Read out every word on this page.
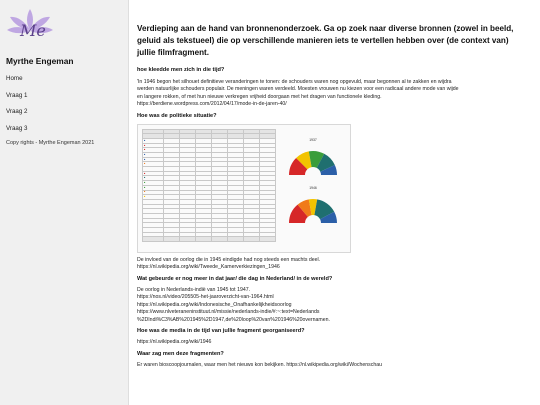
Me
Myrthe Engeman
Home
Vraag 1
Vraag 2
Vraag 3
Copy rights - Myrthe Engeman 2021

Verdieping aan de hand van bronnenonderzoek. Ga op zoek naar diverse bronnen (zowel in beeld, geluid als tekstueel) die op verschillende manieren iets te vertellen hebben over (de context van) jullie filmfragment.

hoe kleedde men zich in die tijd?

'In 1946 begon het silhouet definitieve veranderingen te tonen: de schouders waren nog opgevuld, maar begonnen al te zakken en wijdra

werden natuurlijke schouders populair. De meningen waren verdeeld. Moesten vrouwen nu kiezen voor een radicaal andere mode van wijde

en langere rokken, of met hun nieuwe verkregen vrijheid doorgaan met het dragen van functionele kleding.

https://berdiene.wordpress.com/2012/04/17/mode-in-de-jaren-40/

Hoe was de politieke situatie?

■							
■							
■							
■							
■							
■							

■							
■							
■							
■							
■							
■							

1937
1946

De invloed van de oorlog die in 1945 eindigde had nog steeds een machts deel.

https://nl.wikipedia.org/wiki/Tweede_Kamerverkiezingen_1946

Wat gebeurde er nog meer in dat jaar/ die dag in Nederland/ in de wereld?

De oorlog in Nederlands-indië van 1945 tot 1947.

https://nos.nl/video/205505-het-jaaroverzicht-van-1964.html

https://nl.wikipedia.org/wiki/Indonesische_Onafhankelijkheidsoorlog

https://www.nlveteraneninstituut.nl/missie/nederlands-indie/#:~:text=Nederlands

%2DIndi%C3%AB%201945%2D1947,de%20loop%20van%201946%20overnamen.

Hoe was de media in de tijd van jullie fragment georganiseerd?

https://nl.wikipedia.org/wiki/1946

Waar zag men deze fragmenten?

Er waren bioscoopjournalen, waar men het nieuws kon bekijken. https://nl.wikipedia.org/wiki/Wochenschau
